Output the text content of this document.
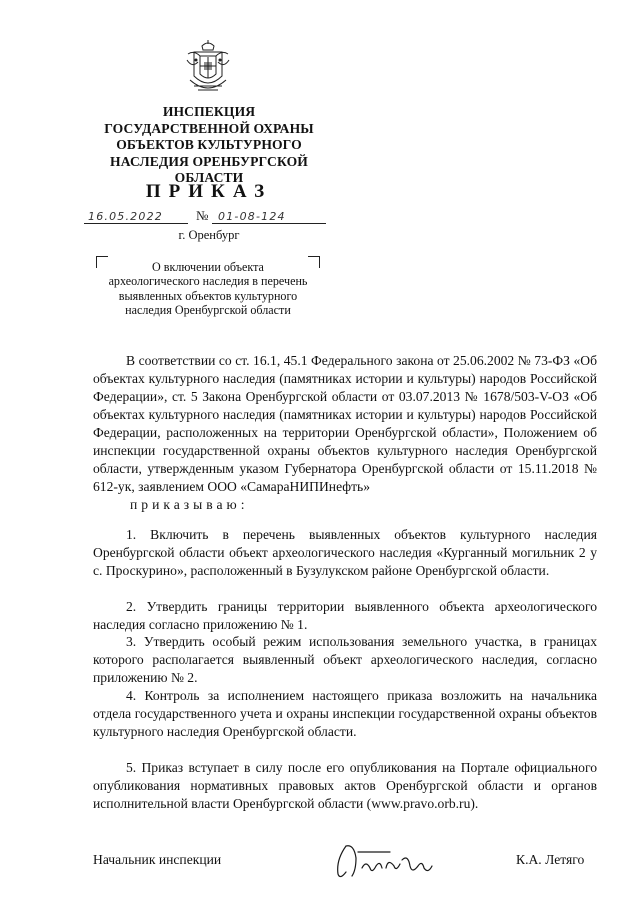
ИНСПЕКЦИЯ
ГОСУДАРСТВЕННОЙ ОХРАНЫ
ОБЪЕКТОВ КУЛЬТУРНОГО
НАСЛЕДИЯ ОРЕНБУРГСКОЙ
ОБЛАСТИ
ПРИКАЗ
16.05.2022	№ 01-08-124
г. Оренбург
О включении объекта
археологического наследия в перечень
выявленных объектов культурного
наследия Оренбургской области

В соответствии со ст. 16.1, 45.1 Федерального закона от 25.06.2002 № 73-ФЗ «Об объектах культурного наследия (памятниках истории и культуры) народов Российской Федерации», ст. 5 Закона Оренбургской области от 03.07.2013 № 1678/503-V-ОЗ «Об объектах культурного наследия (памятниках истории и культуры) народов Российской Федерации, расположенных на территории Оренбургской области», Положением об инспекции государственной охраны объектов культурного наследия Оренбургской области, утвержденным указом Губернатора Оренбургской области от 15.11.2018 № 612-ук, заявлением ООО «СамараНИПИнефть»

приказываю:

1. Включить в перечень выявленных объектов культурного наследия Оренбургской области объект археологического наследия «Курганный могильник 2 у с. Проскурино», расположенный в Бузулукском районе Оренбургской области.

2. Утвердить границы территории выявленного объекта археологического наследия согласно приложению № 1.

3. Утвердить особый режим использования земельного участка, в границах которого располагается выявленный объект археологического наследия, согласно приложению № 2.

4. Контроль за исполнением настоящего приказа возложить на начальника отдела государственного учета и охраны инспекции государственной охраны объектов культурного наследия Оренбургской области.

5. Приказ вступает в силу после его опубликования на Портале официального опубликования нормативных правовых актов Оренбургской области и органов исполнительной власти Оренбургской области (www.pravo.orb.ru).

Начальник инспекции	К.А. Летяго
